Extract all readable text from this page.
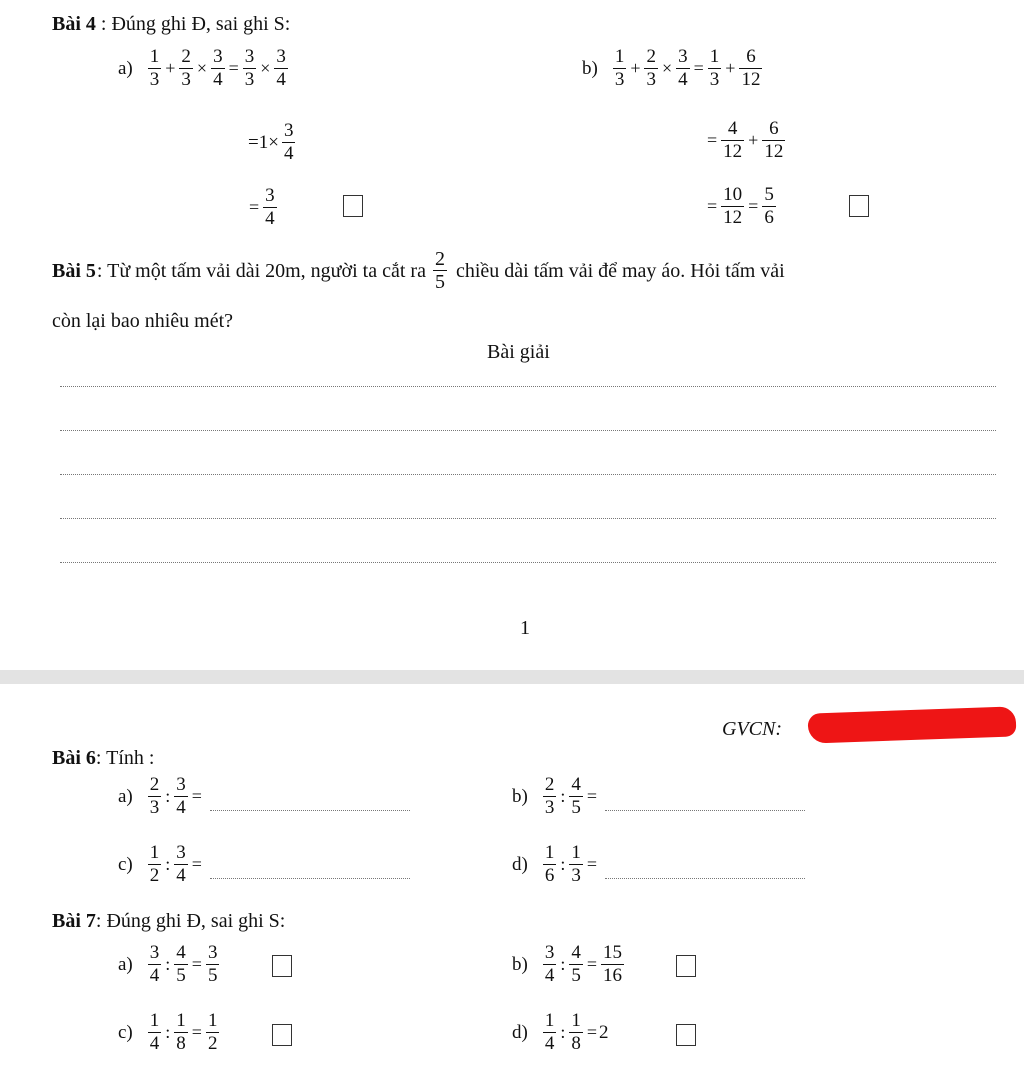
Bài 4 : Đúng ghi Đ, sai ghi S:
$a) \frac{1}{3} + \frac{2}{3} \times \frac{3}{4} = \frac{3}{3} \times \frac{3}{4}$
$=1\times \frac{3}{4}$
= $\frac{3}{4}$
$b) \frac{1}{3} + \frac{2}{3} \times \frac{3}{4} = \frac{1}{3} + \frac{6}{12}$
= $\frac{4}{12} + \frac{6}{12}$
= $\frac{10}{12} = \frac{5}{6}$
Bài 5 : Từ một tấm vải dài 20m, người ta cắt ra $\frac{2}{5}$ chiều dài tấm vải để may áo. Hỏi tấm vải
còn lại bao nhiêu mét?
Bài giải
1
GVCN:
Bài 6: Tính :
$a) \frac{2}{3}$ : $\frac{3}{4}$ =	$b) \frac{2}{3}$ : $\frac{4}{5}$ =
$c) \frac{1}{2}$ : $\frac{3}{4}$ =	$d) \frac{1}{6}$ : $\frac{1}{3}$ =
Bài 7: Đúng ghi Đ, sai ghi S:
$a) \frac{3}{4}$ : $\frac{4}{5} = \frac{3}{5}$	$b) \frac{3}{4}$ : $\frac{4}{5} = \frac{15}{16}$
$c) \frac{1}{4}$ : $\frac{1}{8} = \frac{1}{2}$	$d) \frac{1}{4}$ : $\frac{1}{8} = 2$
